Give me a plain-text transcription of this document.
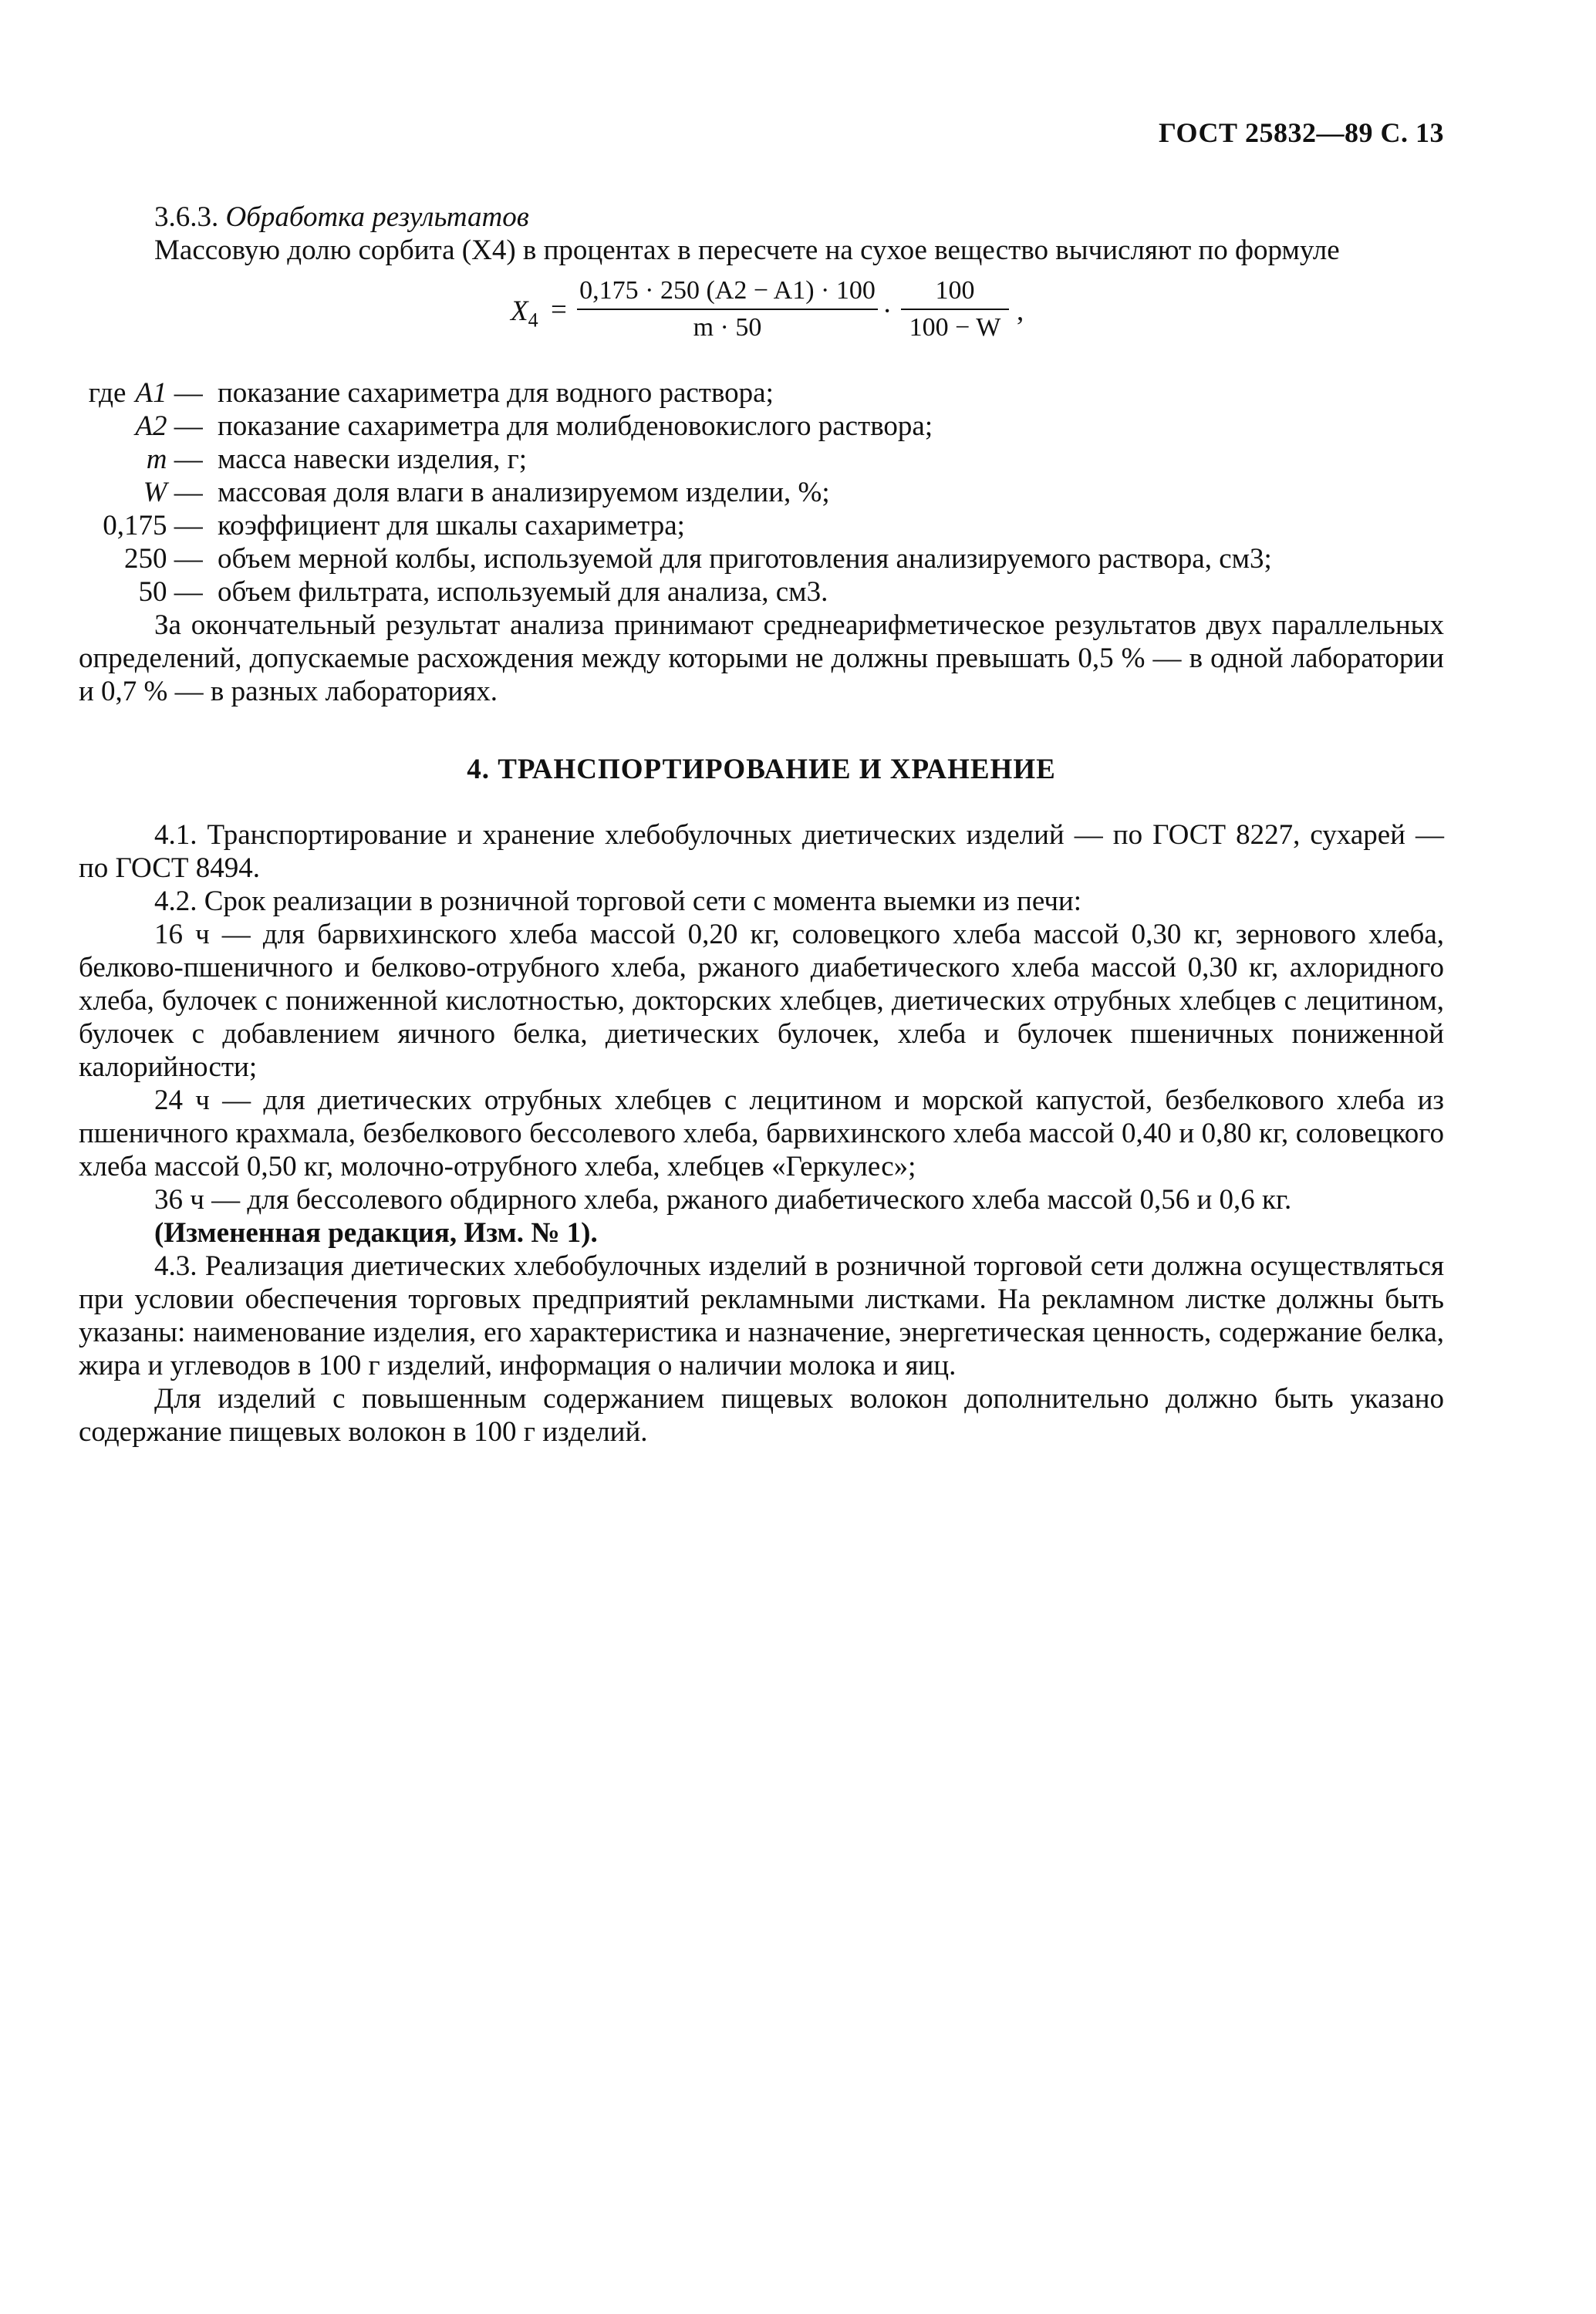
ГОСТ 25832—89 С. 13

3.6.3. Обработка результатов

Массовую долю сорбита (X4) в процентах в пересчете на сухое вещество вычисляют по формуле

$X_4 = \frac{0,175 \cdot 250 (A2 - A1) \cdot 100}{m \cdot 50} \cdot \frac{100}{100 - W}$ ,
где A1 — показание сахариметра для водного раствора;
A2 — показание сахариметра для молибденовокислого раствора;
m — масса навески изделия, г;
W — массовая доля влаги в анализируемом изделии, %;
0,175 — коэффициент для шкалы сахариметра;
250 — объем мерной колбы, используемой для приготовления анализируемого раствора, см3;
50 — объем фильтрата, используемый для анализа, см3.

За окончательный результат анализа принимают среднеарифметическое результатов двух параллельных определений, допускаемые расхождения между которыми не должны превышать 0,5 % — в одной лаборатории и 0,7 % — в разных лабораториях.

4. ТРАНСПОРТИРОВАНИЕ И ХРАНЕНИЕ

4.1. Транспортирование и хранение хлебобулочных диетических изделий — по ГОСТ 8227, сухарей — по ГОСТ 8494.

4.2. Срок реализации в розничной торговой сети с момента выемки из печи:

16 ч — для барвихинского хлеба массой 0,20 кг, соловецкого хлеба массой 0,30 кг, зернового хлеба, белково-пшеничного и белково-отрубного хлеба, ржаного диабетического хлеба массой 0,30 кг, ахлоридного хлеба, булочек с пониженной кислотностью, докторских хлебцев, диетических отрубных хлебцев с лецитином, булочек с добавлением яичного белка, диетических булочек, хлеба и булочек пшеничных пониженной калорийности;

24 ч — для диетических отрубных хлебцев с лецитином и морской капустой, безбелкового хлеба из пшеничного крахмала, безбелкового бессолевого хлеба, барвихинского хлеба массой 0,40 и 0,80 кг, соловецкого хлеба массой 0,50 кг, молочно-отрубного хлеба, хлебцев «Геркулес»;

36 ч — для бессолевого обдирного хлеба, ржаного диабетического хлеба массой 0,56 и 0,6 кг.

(Измененная редакция, Изм. № 1).

4.3. Реализация диетических хлебобулочных изделий в розничной торговой сети должна осуществляться при условии обеспечения торговых предприятий рекламными листками. На рекламном листке должны быть указаны: наименование изделия, его характеристика и назначение, энергетическая ценность, содержание белка, жира и углеводов в 100 г изделий, информация о наличии молока и яиц.

Для изделий с повышенным содержанием пищевых волокон дополнительно должно быть указано содержание пищевых волокон в 100 г изделий.
